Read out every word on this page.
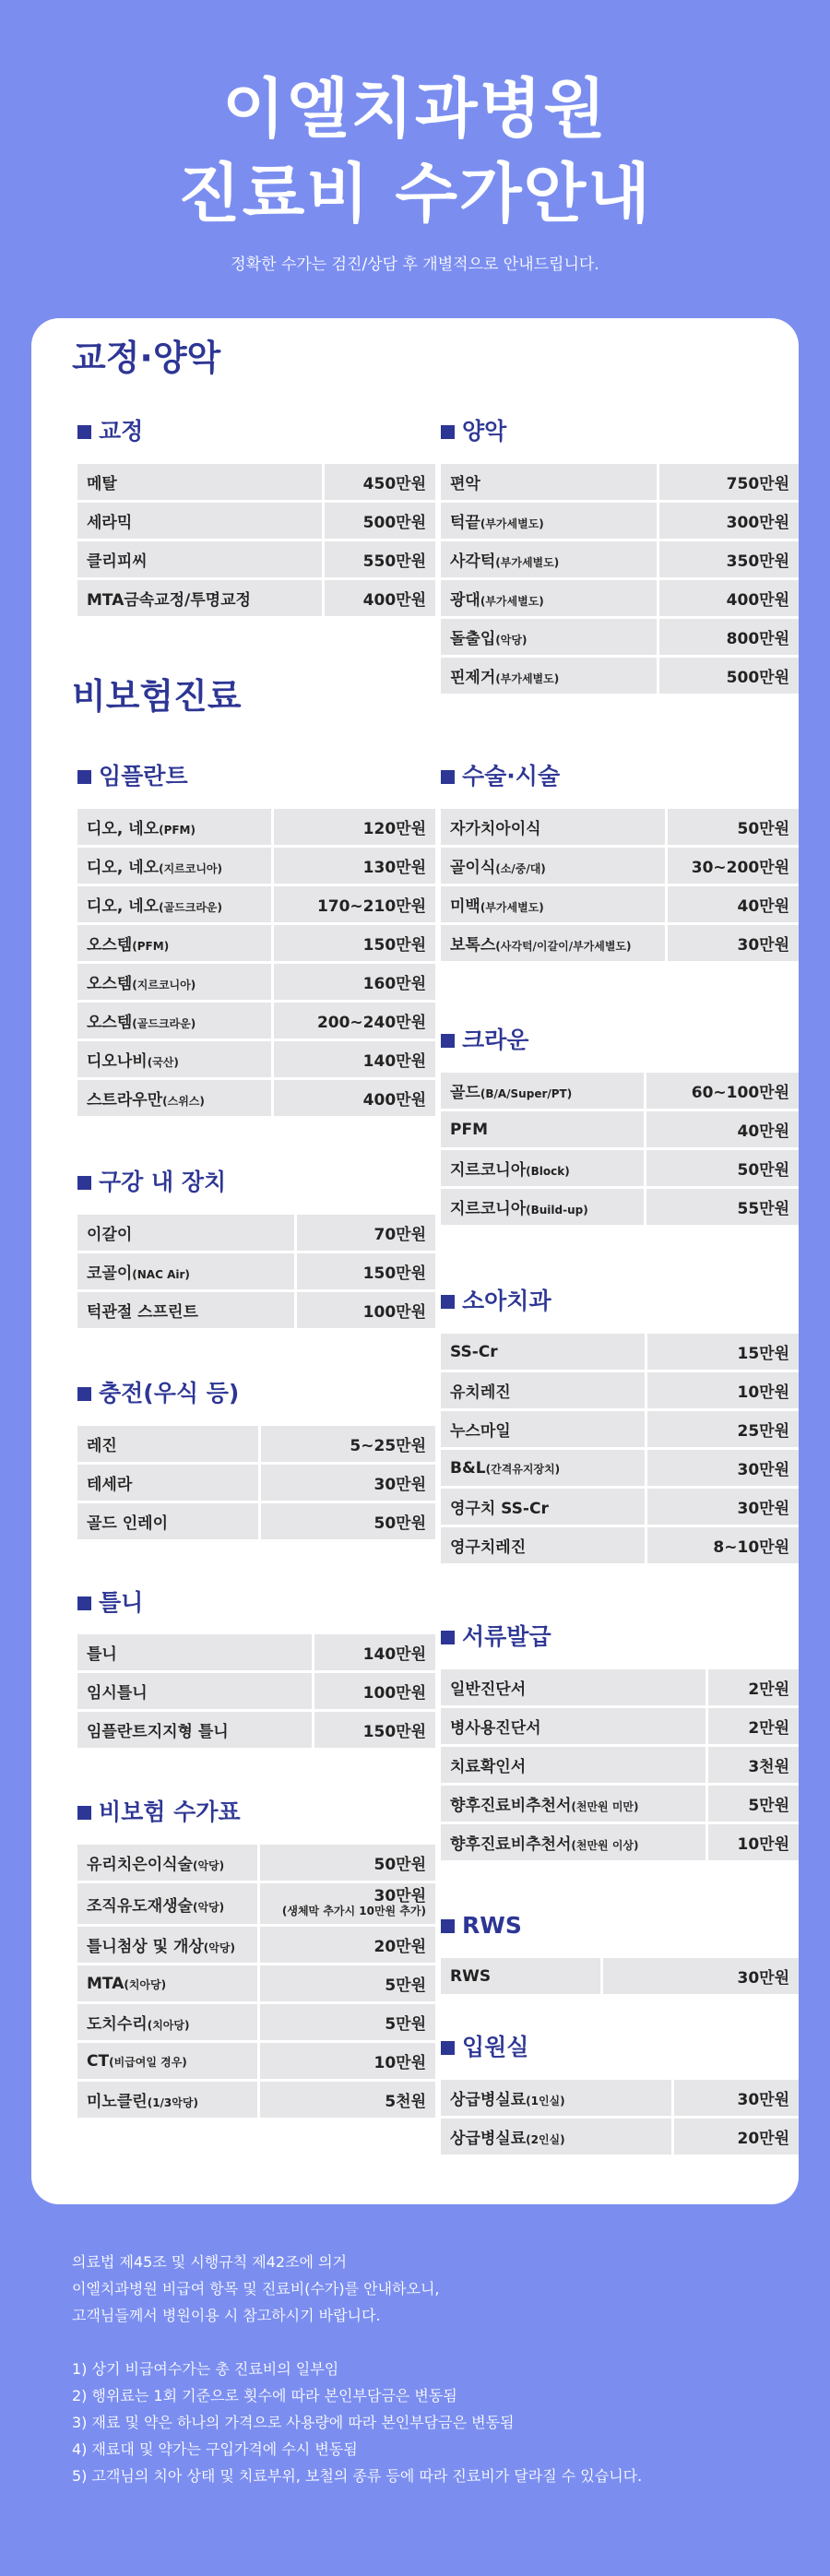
이엘치과병원
진료비 수가안내
정확한 수가는 검진/상담 후 개별적으로 안내드립니다.
교정·양악
비보험진료
교정
메탈	450만원
세라믹	500만원
클리피씨	550만원
MTA금속교정/투명교정	400만원
임플란트
디오, 네오(PFM)	120만원
디오, 네오(지르코니아)	130만원
디오, 네오(골드크라운)	170~210만원
오스템(PFM)	150만원
오스템(지르코니아)	160만원
오스템(골드크라운)	200~240만원
디오나비(국산)	140만원
스트라우만(스위스)	400만원
구강 내 장치
이갈이	70만원
코골이(NAC Air)	150만원
턱관절 스프린트	100만원
충전(우식 등)
레진	5~25만원
테세라	30만원
골드 인레이	50만원
틀니
틀니	140만원
임시틀니	100만원
임플란트지지형 틀니	150만원
비보험 수가표
유리치은이식술(악당)	50만원
조직유도재생술(악당)	30만원
(생체막 추가시 10만원 추가)

틀니첨상 및 개상(악당)	20만원
MTA(치아당)	5만원
도치수리(치아당)	5만원
CT(비급여일 경우)	10만원
미노클린(1/3악당)	5천원
양악
편악	750만원
턱끝(부가세별도)	300만원
사각턱(부가세별도)	350만원
광대(부가세별도)	400만원
돌출입(악당)	800만원
핀제거(부가세별도)	500만원
수술·시술
자가치아이식	50만원
골이식(소/중/대)	30~200만원
미백(부가세별도)	40만원
보톡스(사각턱/이갈이/부가세별도)	30만원
크라운
골드(B/A/Super/PT)	60~100만원
PFM	40만원
지르코니아(Block)	50만원
지르코니아(Build-up)	55만원
소아치과
SS-Cr	15만원
유치레진	10만원
누스마일	25만원
B&L(간격유지장치)	30만원
영구치 SS-Cr	30만원
영구치레진	8~10만원
서류발급
일반진단서	2만원
병사용진단서	2만원
치료확인서	3천원
향후진료비추천서(천만원 미만)	5만원
향후진료비추천서(천만원 이상)	10만원
RWS
RWS	30만원
입원실
상급병실료(1인실)	30만원
상급병실료(2인실)	20만원

의료법 제45조 및 시행규칙 제42조에 의거

이엘치과병원 비급여 항목 및 진료비(수가)를 안내하오니,

고객님들께서 병원이용 시 참고하시기 바랍니다.

1) 상기 비급여수가는 총 진료비의 일부임

2) 행위료는 1회 기준으로 횟수에 따라 본인부담금은 변동됨

3) 재료 및 약은 하나의 가격으로 사용량에 따라 본인부담금은 변동됨

4) 재료대 및 약가는 구입가격에 수시 변동됨

5) 고객님의 치아 상태 및 치료부위, 보철의 종류 등에 따라 진료비가 달라질 수 있습니다.
